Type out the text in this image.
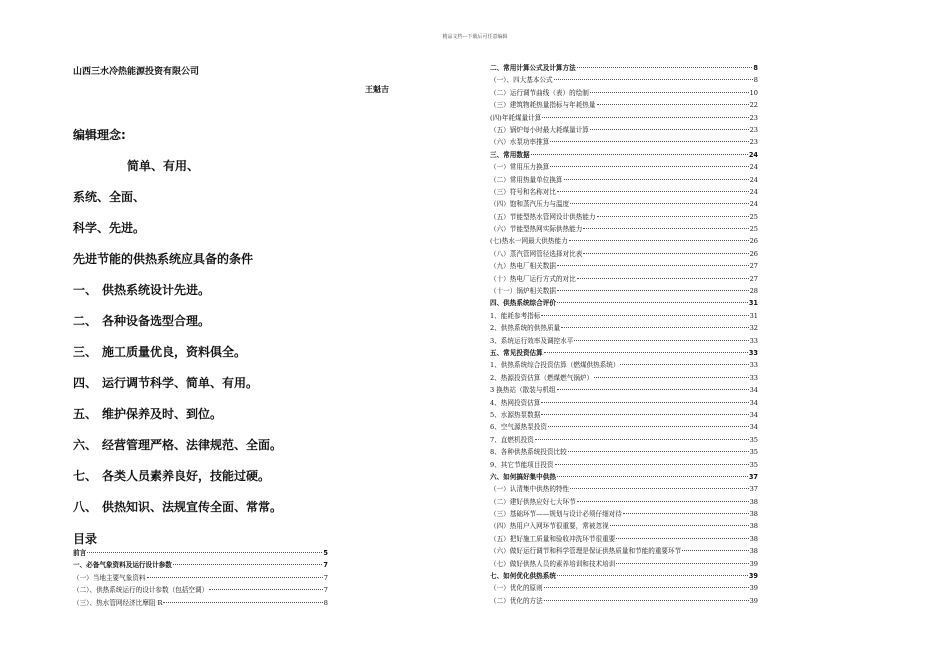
精品文档---下载后可任意编辑
山西三水冷热能源投资有限公司
王魁吉
编辑理念:
简单、有用、
系统、全面、
科学、先进。
先进节能的供热系统应具备的条件
一、 供热系统设计先进。
二、 各种设备选型合理。
三、 施工质量优良，资料俱全。
四、 运行调节科学、简单、有用。
五、 维护保养及时、到位。
六、 经营管理严格、法律规范、全面。
七、 各类人员素养良好，技能过硬。
八、 供热知识、法规宣传全面、常常。
目录
前言	5
一、必备气象资料及运行设计参数	7
（一）当地主要气象资料	7
（二）、供热系统运行的设计参数（包括空调）	7
（三）、热水管网经济比摩阻 R	8
二、常用计算公式及计算方法	8
（一）、四大基本公式	8
（二）运行调节曲线（表）的绘制	10
（三）建筑物耗热量指标与年耗热量	22
(四)年耗煤量计算	23
（五）锅炉每小时最大耗煤量计算	23
（六）水泵功率推算	23
三、常用数据	24
（一）常用压力换算	24
（二）常用热量单位换算	24
（三）符号和名称对比	24
（四）饱和蒸汽压力与温度	24
（五）节能型热水管网设计供热能力	25
（六）节能型热网实际供热能力	25
(七)热水一网最大供热能力	26
（八）蒸汽管网管径选择对比表	26
（九）热电厂相关数据	27
（十）热电厂运行方式的对比	27
（十一）锅炉相关数据	28
四、供热系统综合评价	31
1、能耗参考指标	31
2、供热系统的供热质量	32
3、系统运行效率及调控水平	33
五、常见投资估算	33
1、供热系统综合投资估算（燃煤供热系统）	33
2、热源投资估算（燃煤燃气锅炉）	33
3 换热站（散装与机组	34
4、热网投资估算	34
5、水源热泵数据	34
6、空气源热泵投资	34
7、直燃机投资	35
8、各种供热系统投资比较	35
9、其它节能项目投资	35
六、如何搞好集中供热	37
（一）认清集中供热的特性	37
（二）建好供热应好七大环节	38
（三）基础环节——规划与设计必须仔细对待	38
（四）热用户入网环节很重要，常被忽视	38
（五）把好施工质量和验收冲洗环节很重要	38
（六）做好运行调节和科学管理是保证供热质量和节能的重要环节	38
（七）做好供热人员的素养培训和技术培训	39
七、如何优化供热系统	39
（一）优化的原则	39
（二）优化的方法	39
